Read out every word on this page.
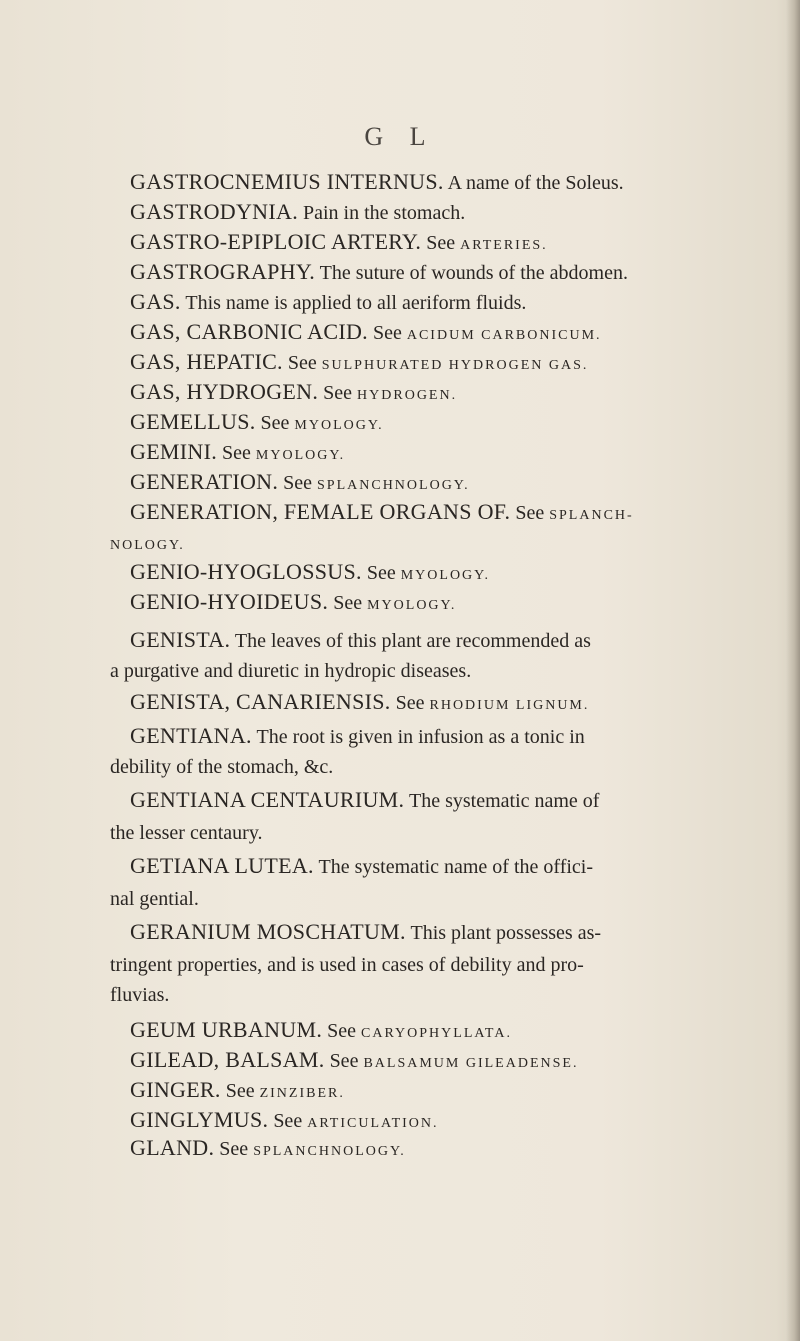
G L
GASTROCNEMIUS INTERNUS. A name of the Soleus.
GASTRODYNIA. Pain in the stomach.
GASTRO-EPIPLOIC ARTERY. See ARTERIES.
GASTROGRAPHY. The suture of wounds of the abdomen.
GAS. This name is applied to all aeriform fluids.
GAS, CARBONIC ACID. See ACIDUM CARBONICUM.
GAS, HEPATIC. See SULPHURATED HYDROGEN GAS.
GAS, HYDROGEN. See HYDROGEN.
GEMELLUS. See MYOLOGY.
GEMINI. See MYOLOGY.
GENERATION. See SPLANCHNOLOGY.
GENERATION, FEMALE ORGANS OF. See SPLANCH-
NOLOGY.
GENIO-HYOGLOSSUS. See MYOLOGY.
GENIO-HYOIDEUS. See MYOLOGY.
GENISTA. The leaves of this plant are recommended as
a purgative and diuretic in hydropic diseases.
GENISTA, CANARIENSIS. See RHODIUM LIGNUM.
GENTIANA. The root is given in infusion as a tonic in
debility of the stomach, &c.
GENTIANA CENTAURIUM. The systematic name of
the lesser centaury.
GETIANA LUTEA. The systematic name of the offici-
nal gential.
GERANIUM MOSCHATUM. This plant possesses as-
tringent properties, and is used in cases of debility and pro-
fluvias.
GEUM URBANUM. See CARYOPHYLLATA.
GILEAD, BALSAM. See BALSAMUM GILEADENSE.
GINGER. See ZINZIBER.
GINGLYMUS. See ARTICULATION.
GLAND. See SPLANCHNOLOGY.
